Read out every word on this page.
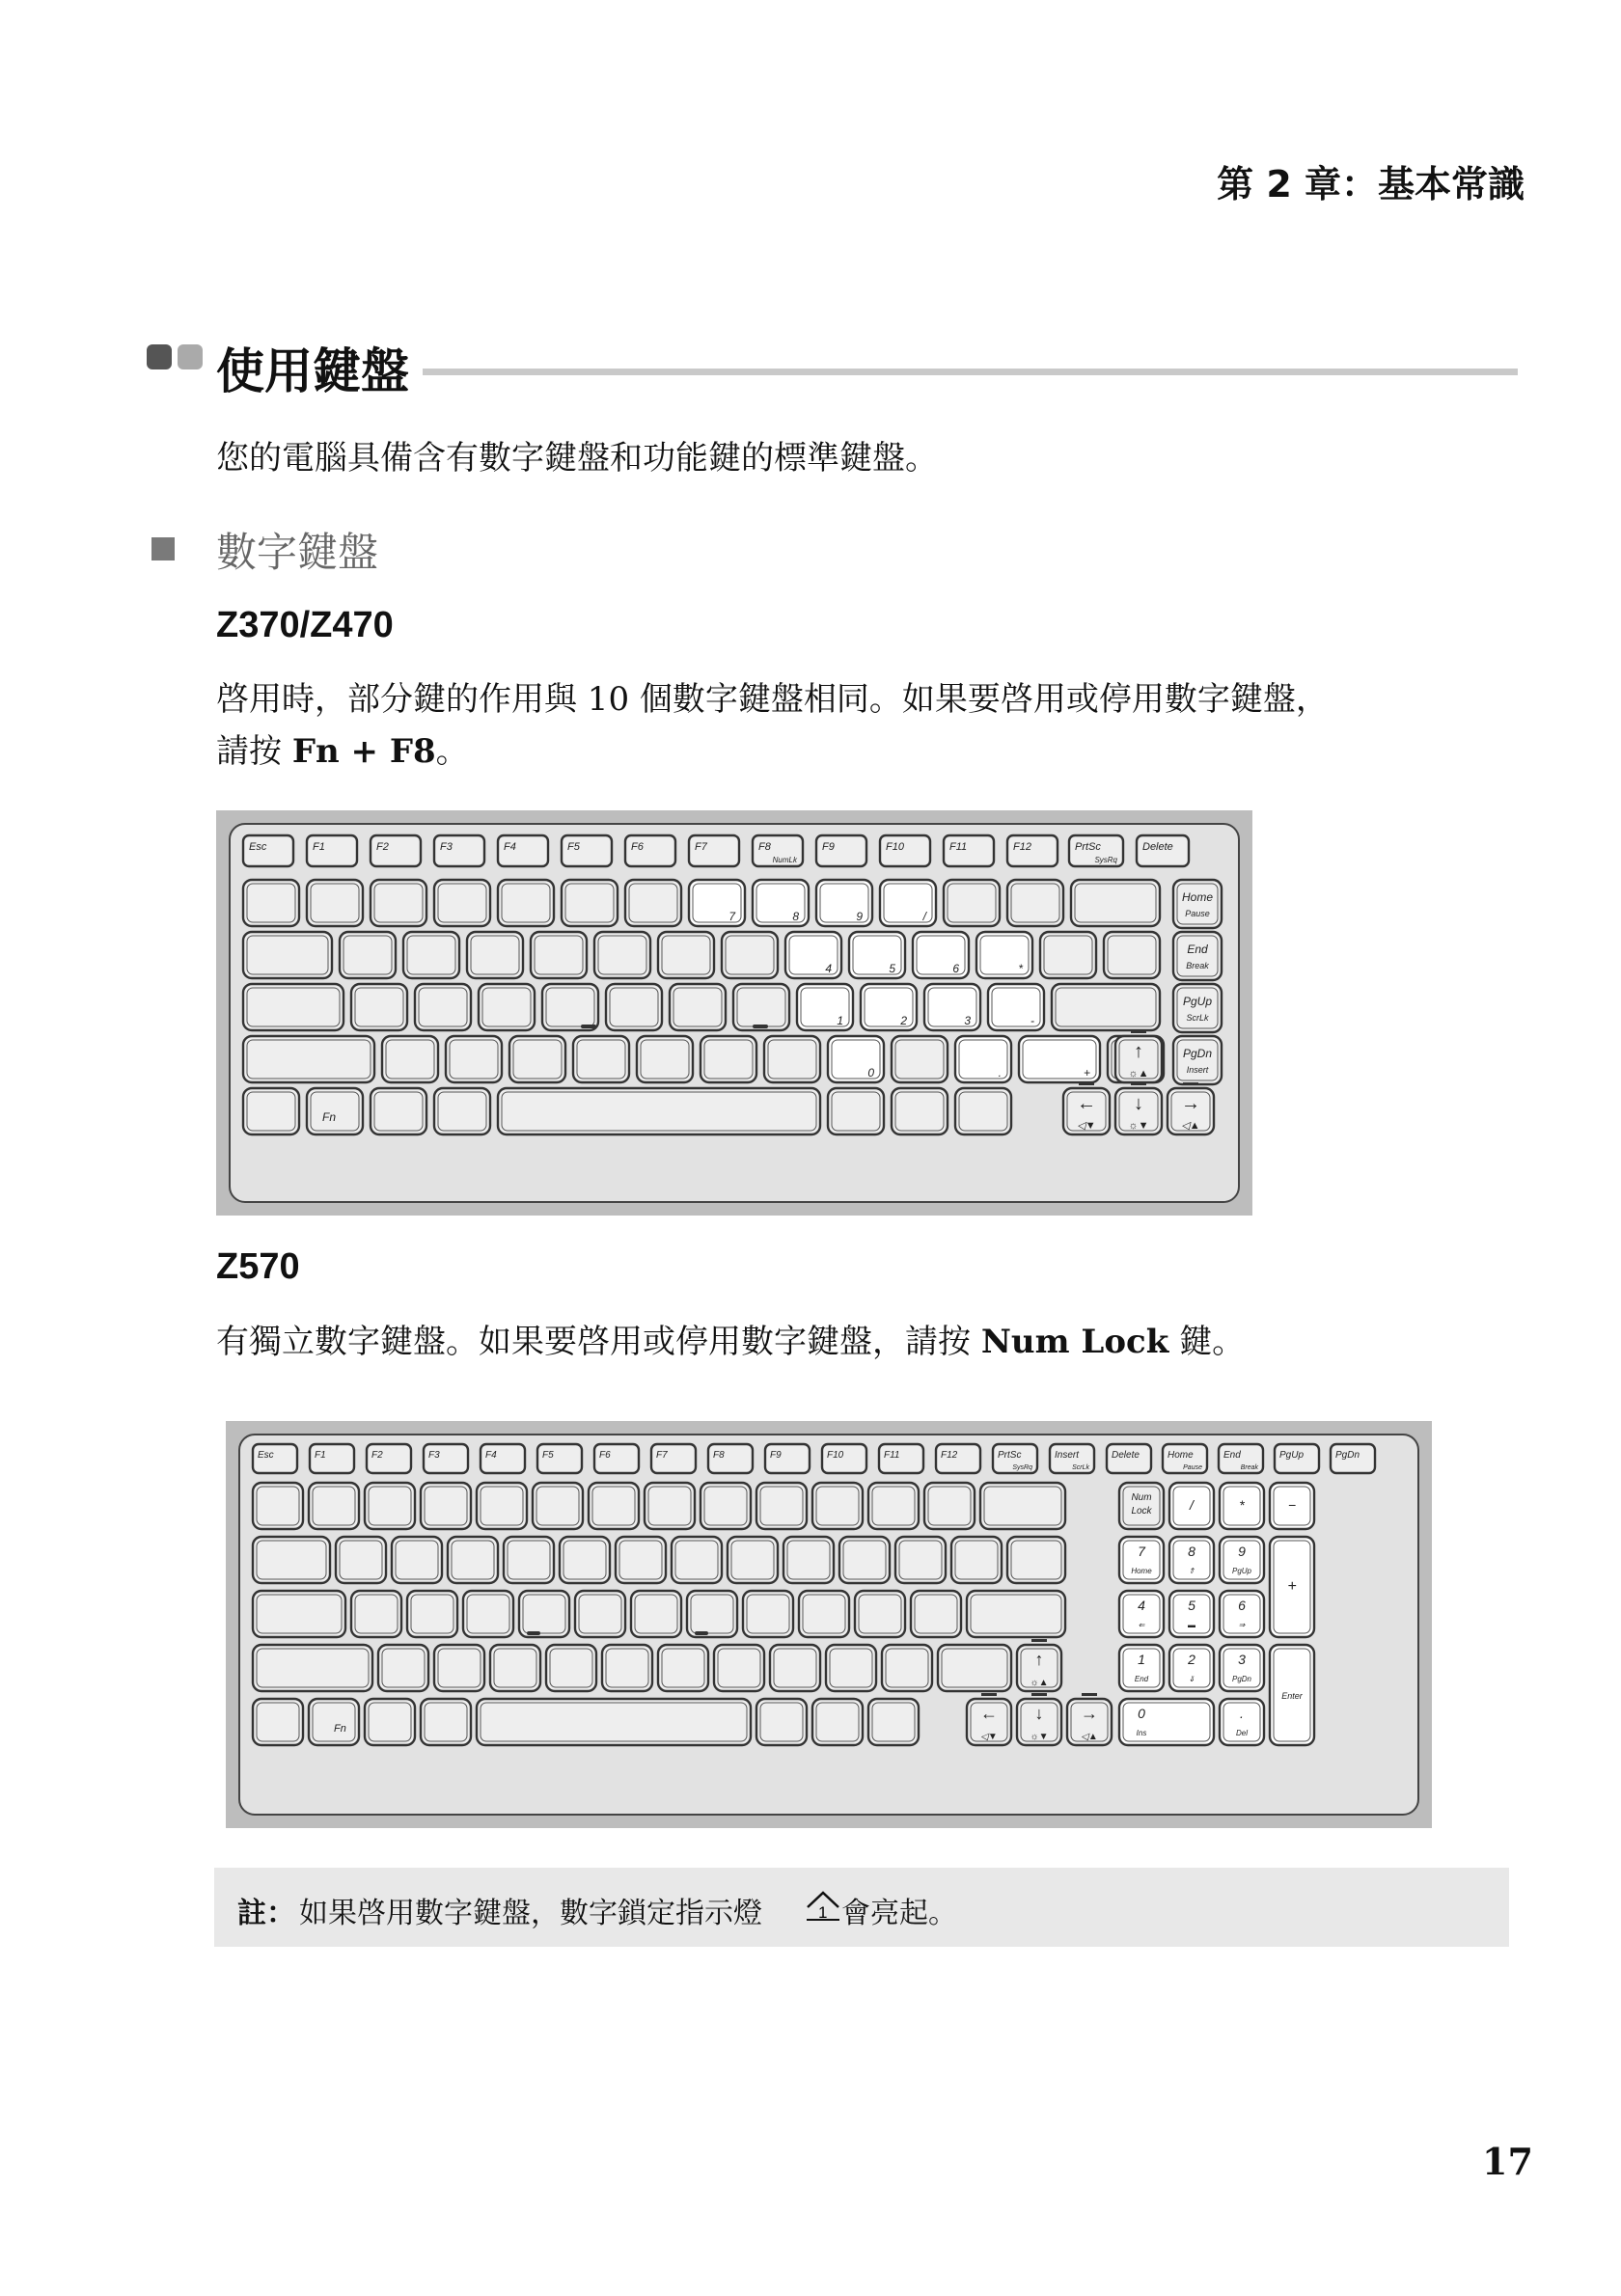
第 2 章：基本常識
使用鍵盤
您的電腦具備含有數字鍵盤和功能鍵的標準鍵盤。
數字鍵盤
Z370/Z470
啓用時，部分鍵的作用與 10 個數字鍵盤相同。如果要啓用或停用數字鍵盤，
請按 Fn + F8。
Esc	F1	F2	F3	F4	F5	F6	F7	F8
NumLk
F9	F10	F11	F12	PrtSc
SysRq
Delete
Home
Pause
End
Break
PgUp
ScrLk
PgDn
Insert
7	8	9	/
4	5	6	*
1	2	3	-
0	.	+
Fn
↑
← ↓ →
☼▲
◁▼	☼▼	◁▲
Z570
有獨立數字鍵盤。如果要啓用或停用數字鍵盤，請按 Num Lock 鍵。
Esc	F1	F2	F3	F4	F5	F6	F7	F8	F9	F10	F11	F12	PrtSc
SysRq
Insert
ScrLk
Delete	Home
Pause
End
Break
PgUp	PgDn
Fn
↑
← ↓ →
☼▲
◁▼	☼▼	◁▲
Num
Lock	/	*	−
7
Home
8
⇑
9
PgUp
+
4
⇐
5
▬
6
⇒
1
End
2
⇓
3
PgDn
Enter
0
Ins
.
Del
註： 如果啓用數字鍵盤，數字鎖定指示燈	1 會亮起。
17
